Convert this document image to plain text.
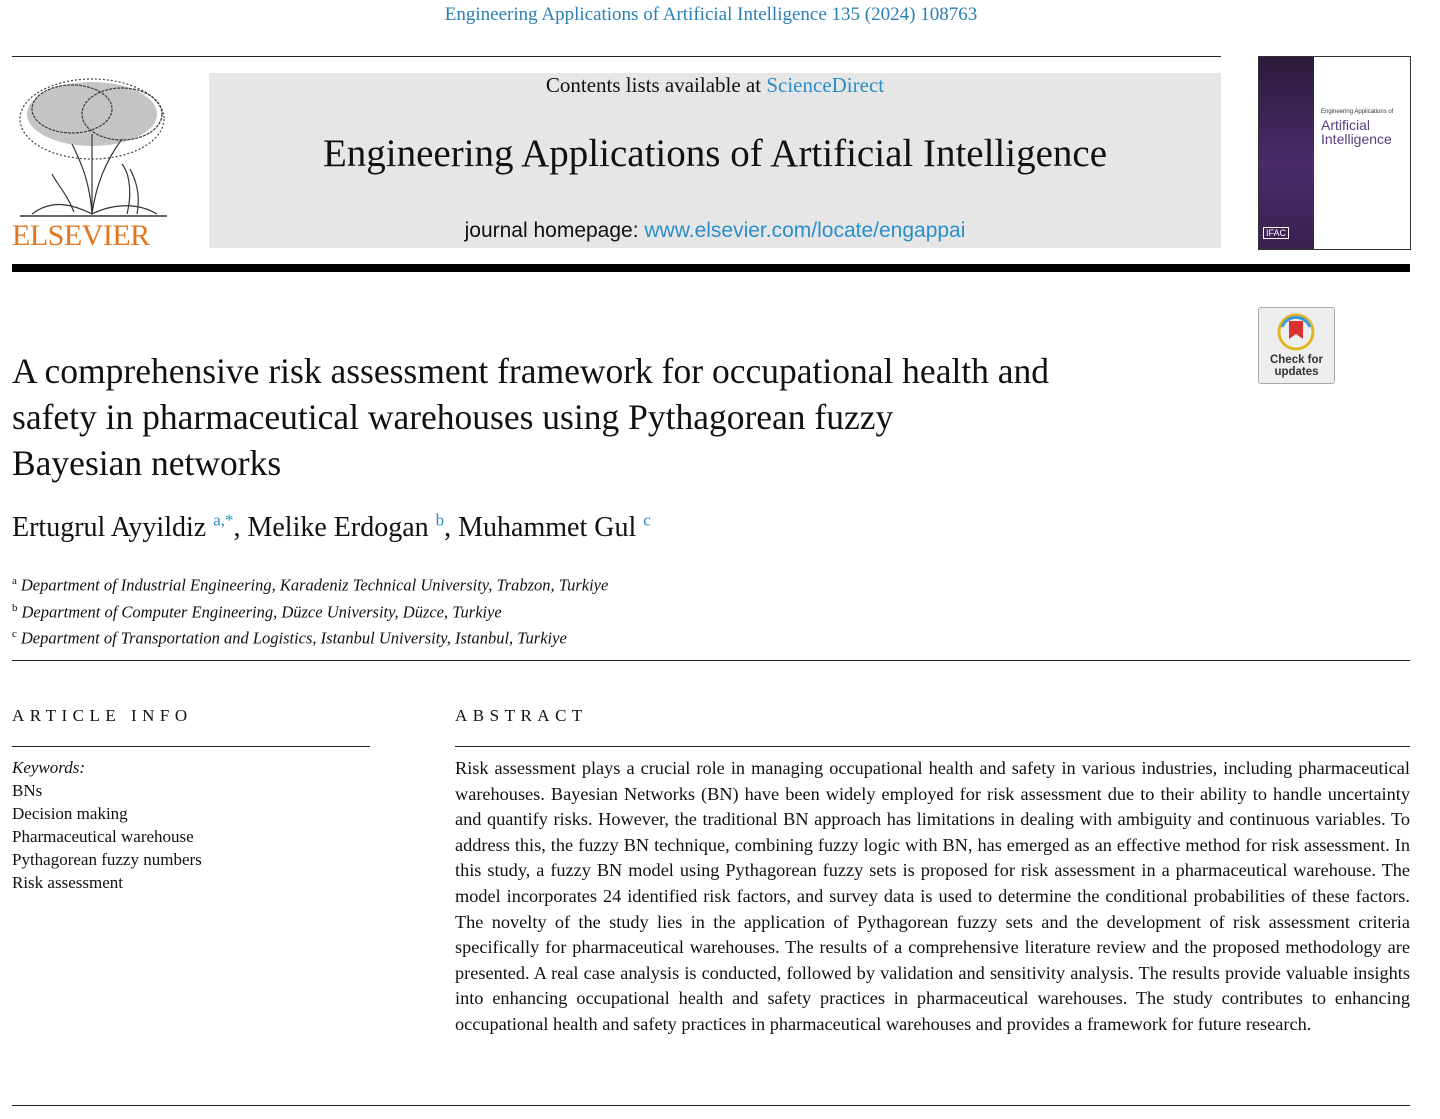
Engineering Applications of Artificial Intelligence 135 (2024) 108763
ELSEVIER
Contents lists available at ScienceDirect
Engineering Applications of Artificial Intelligence
journal homepage: www.elsevier.com/locate/engappai
Engineering Applications of
Artificial Intelligence
IFAC
Check for
updates
A comprehensive risk assessment framework for occupational health and
safety in pharmaceutical warehouses using Pythagorean fuzzy
Bayesian networks
Ertugrul Ayyildiz $^{a,*}$, Melike Erdogan $^b$, Muhammet Gul $^c$
$^a$ Department of Industrial Engineering, Karadeniz Technical University, Trabzon, Turkiye
$^b$ Department of Computer Engineering, Düzce University, Düzce, Turkiye
$^c$ Department of Transportation and Logistics, Istanbul University, Istanbul, Turkiye
ARTICLE INFO
Keywords:
BNs
Decision making
Pharmaceutical warehouse
Pythagorean fuzzy numbers
Risk assessment
ABSTRACT
Risk assessment plays a crucial role in managing occupational health and safety in various industries, including pharmaceutical warehouses. Bayesian Networks (BN) have been widely employed for risk assessment due to their ability to handle uncertainty and quantify risks. However, the traditional BN approach has limitations in dealing with ambiguity and continuous variables. To address this, the fuzzy BN technique, combining fuzzy logic with BN, has emerged as an effective method for risk assessment. In this study, a fuzzy BN model using Pythagorean fuzzy sets is proposed for risk assessment in a pharmaceutical warehouse. The model incorporates 24 identified risk factors, and survey data is used to determine the conditional probabilities of these factors. The novelty of the study lies in the application of Pythagorean fuzzy sets and the development of risk assessment criteria specifically for pharmaceutical warehouses. The results of a comprehensive literature review and the proposed methodology are presented. A real case analysis is conducted, followed by validation and sensitivity analysis. The results provide valuable insights into enhancing occupational health and safety practices in pharmaceutical warehouses. The study contributes to enhancing occupational health and safety practices in pharmaceutical warehouses and provides a framework for future research.
